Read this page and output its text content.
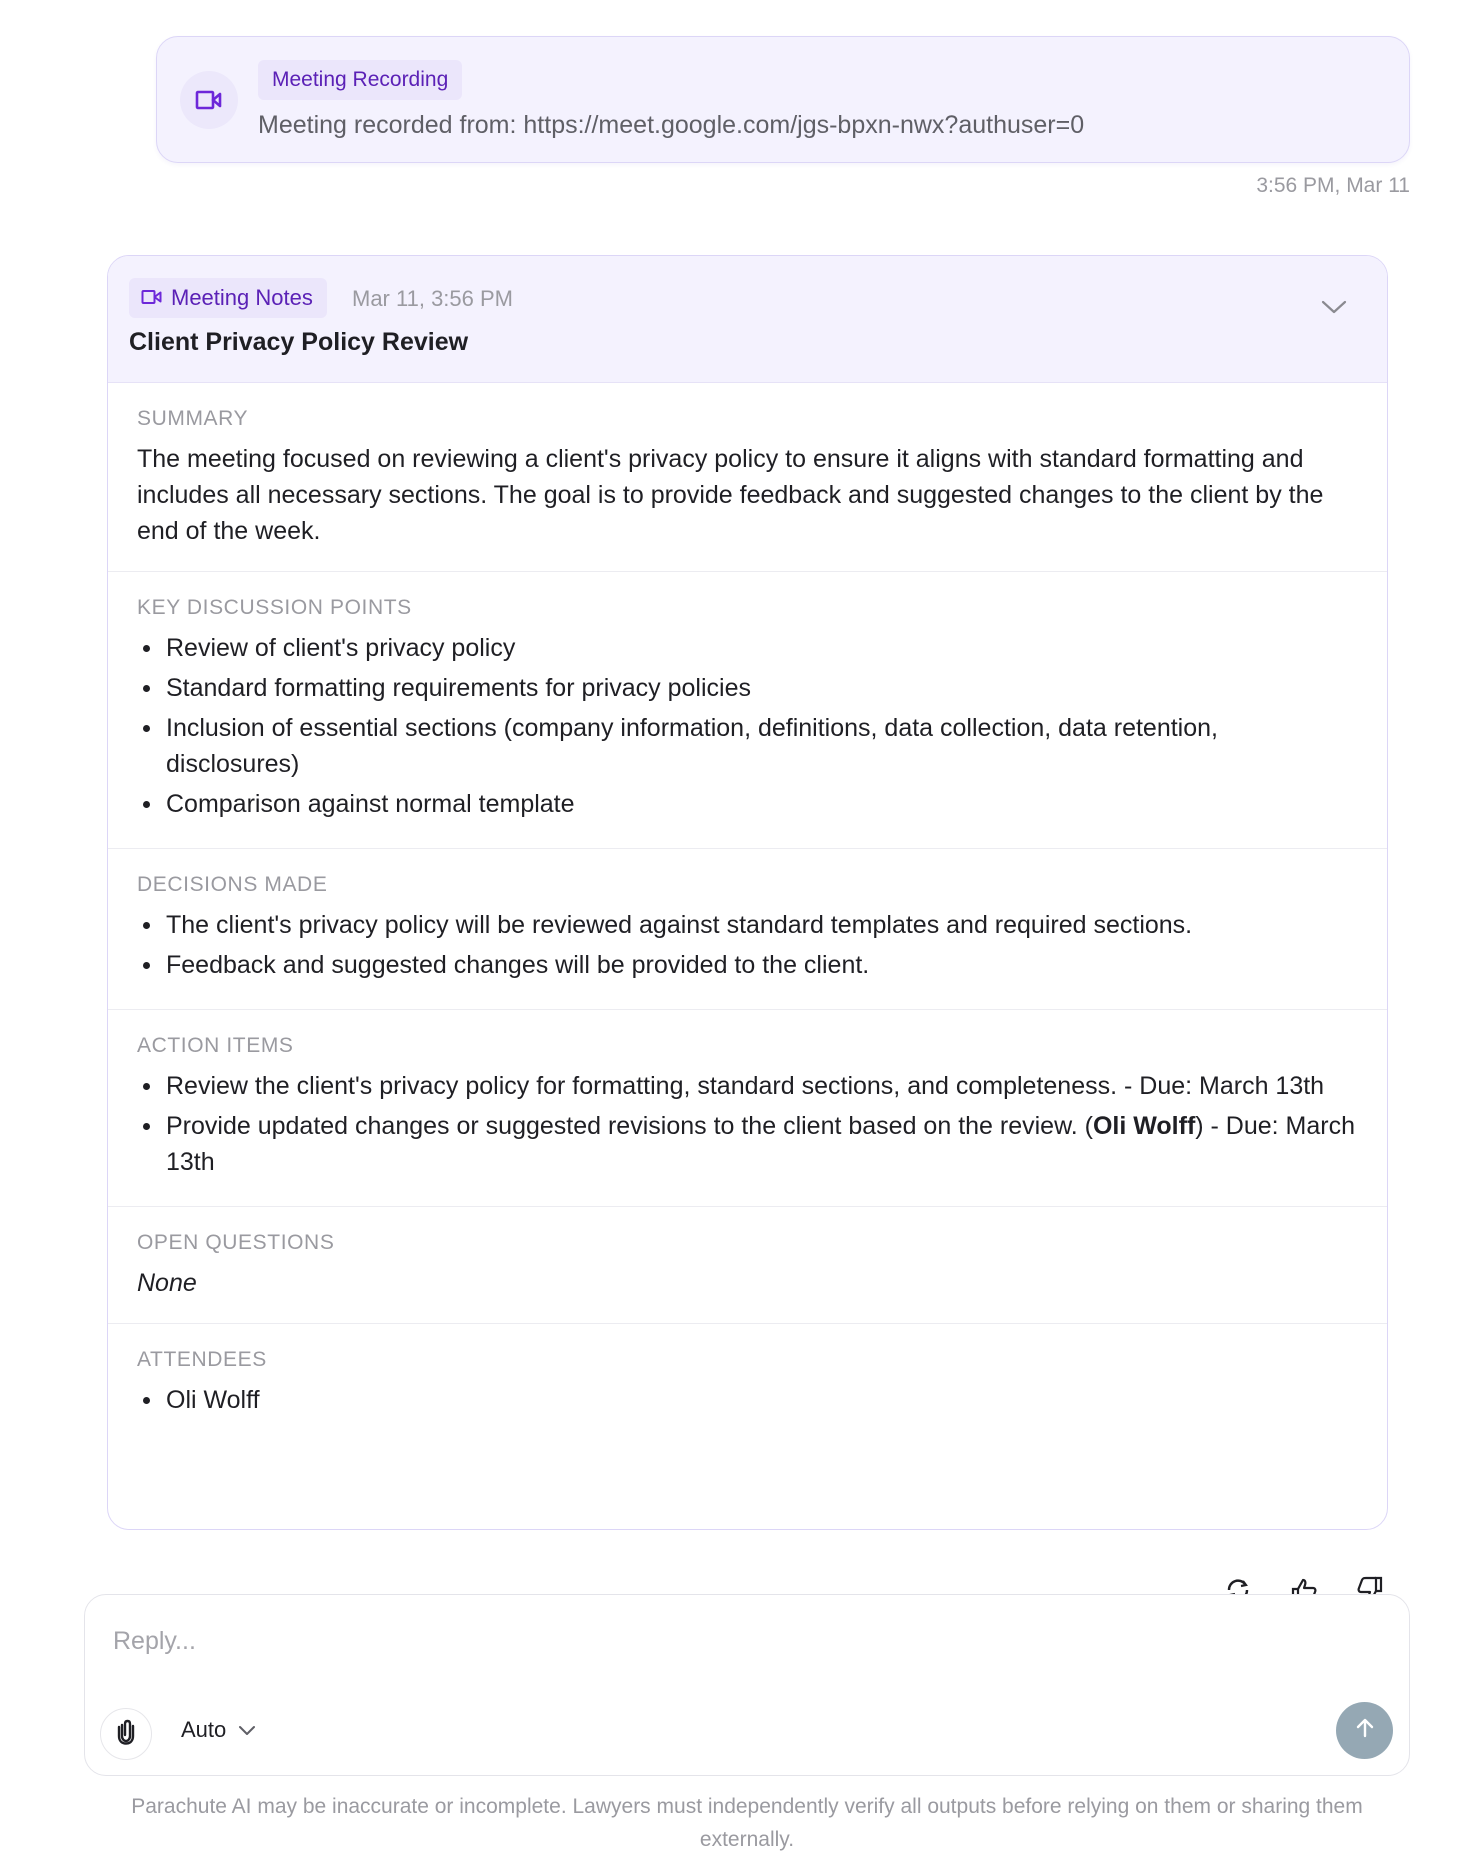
Meeting Recording
Meeting recorded from: https://meet.google.com/jgs-bpxn-nwx?authuser=0
3:56 PM, Mar 11
Meeting Notes Mar 11, 3:56 PM
Client Privacy Policy Review
SUMMARY
The meeting focused on reviewing a client's privacy policy to ensure it aligns with standard formatting and includes all necessary sections. The goal is to provide feedback and suggested changes to the client by the end of the week.
KEY DISCUSSION POINTS
Review of client's privacy policy
Standard formatting requirements for privacy policies
Inclusion of essential sections (company information, definitions, data collection, data retention, disclosures)
Comparison against normal template
DECISIONS MADE
The client's privacy policy will be reviewed against standard templates and required sections.
Feedback and suggested changes will be provided to the client.
ACTION ITEMS
Review the client's privacy policy for formatting, standard sections, and completeness. - Due: March 13th
Provide updated changes or suggested revisions to the client based on the review. (Oli Wolff) - Due: March 13th
OPEN QUESTIONS
None
ATTENDEES
Oli Wolff
Reply...
Auto
Parachute AI may be inaccurate or incomplete. Lawyers must independently verify all outputs before relying on them or sharing them externally.
